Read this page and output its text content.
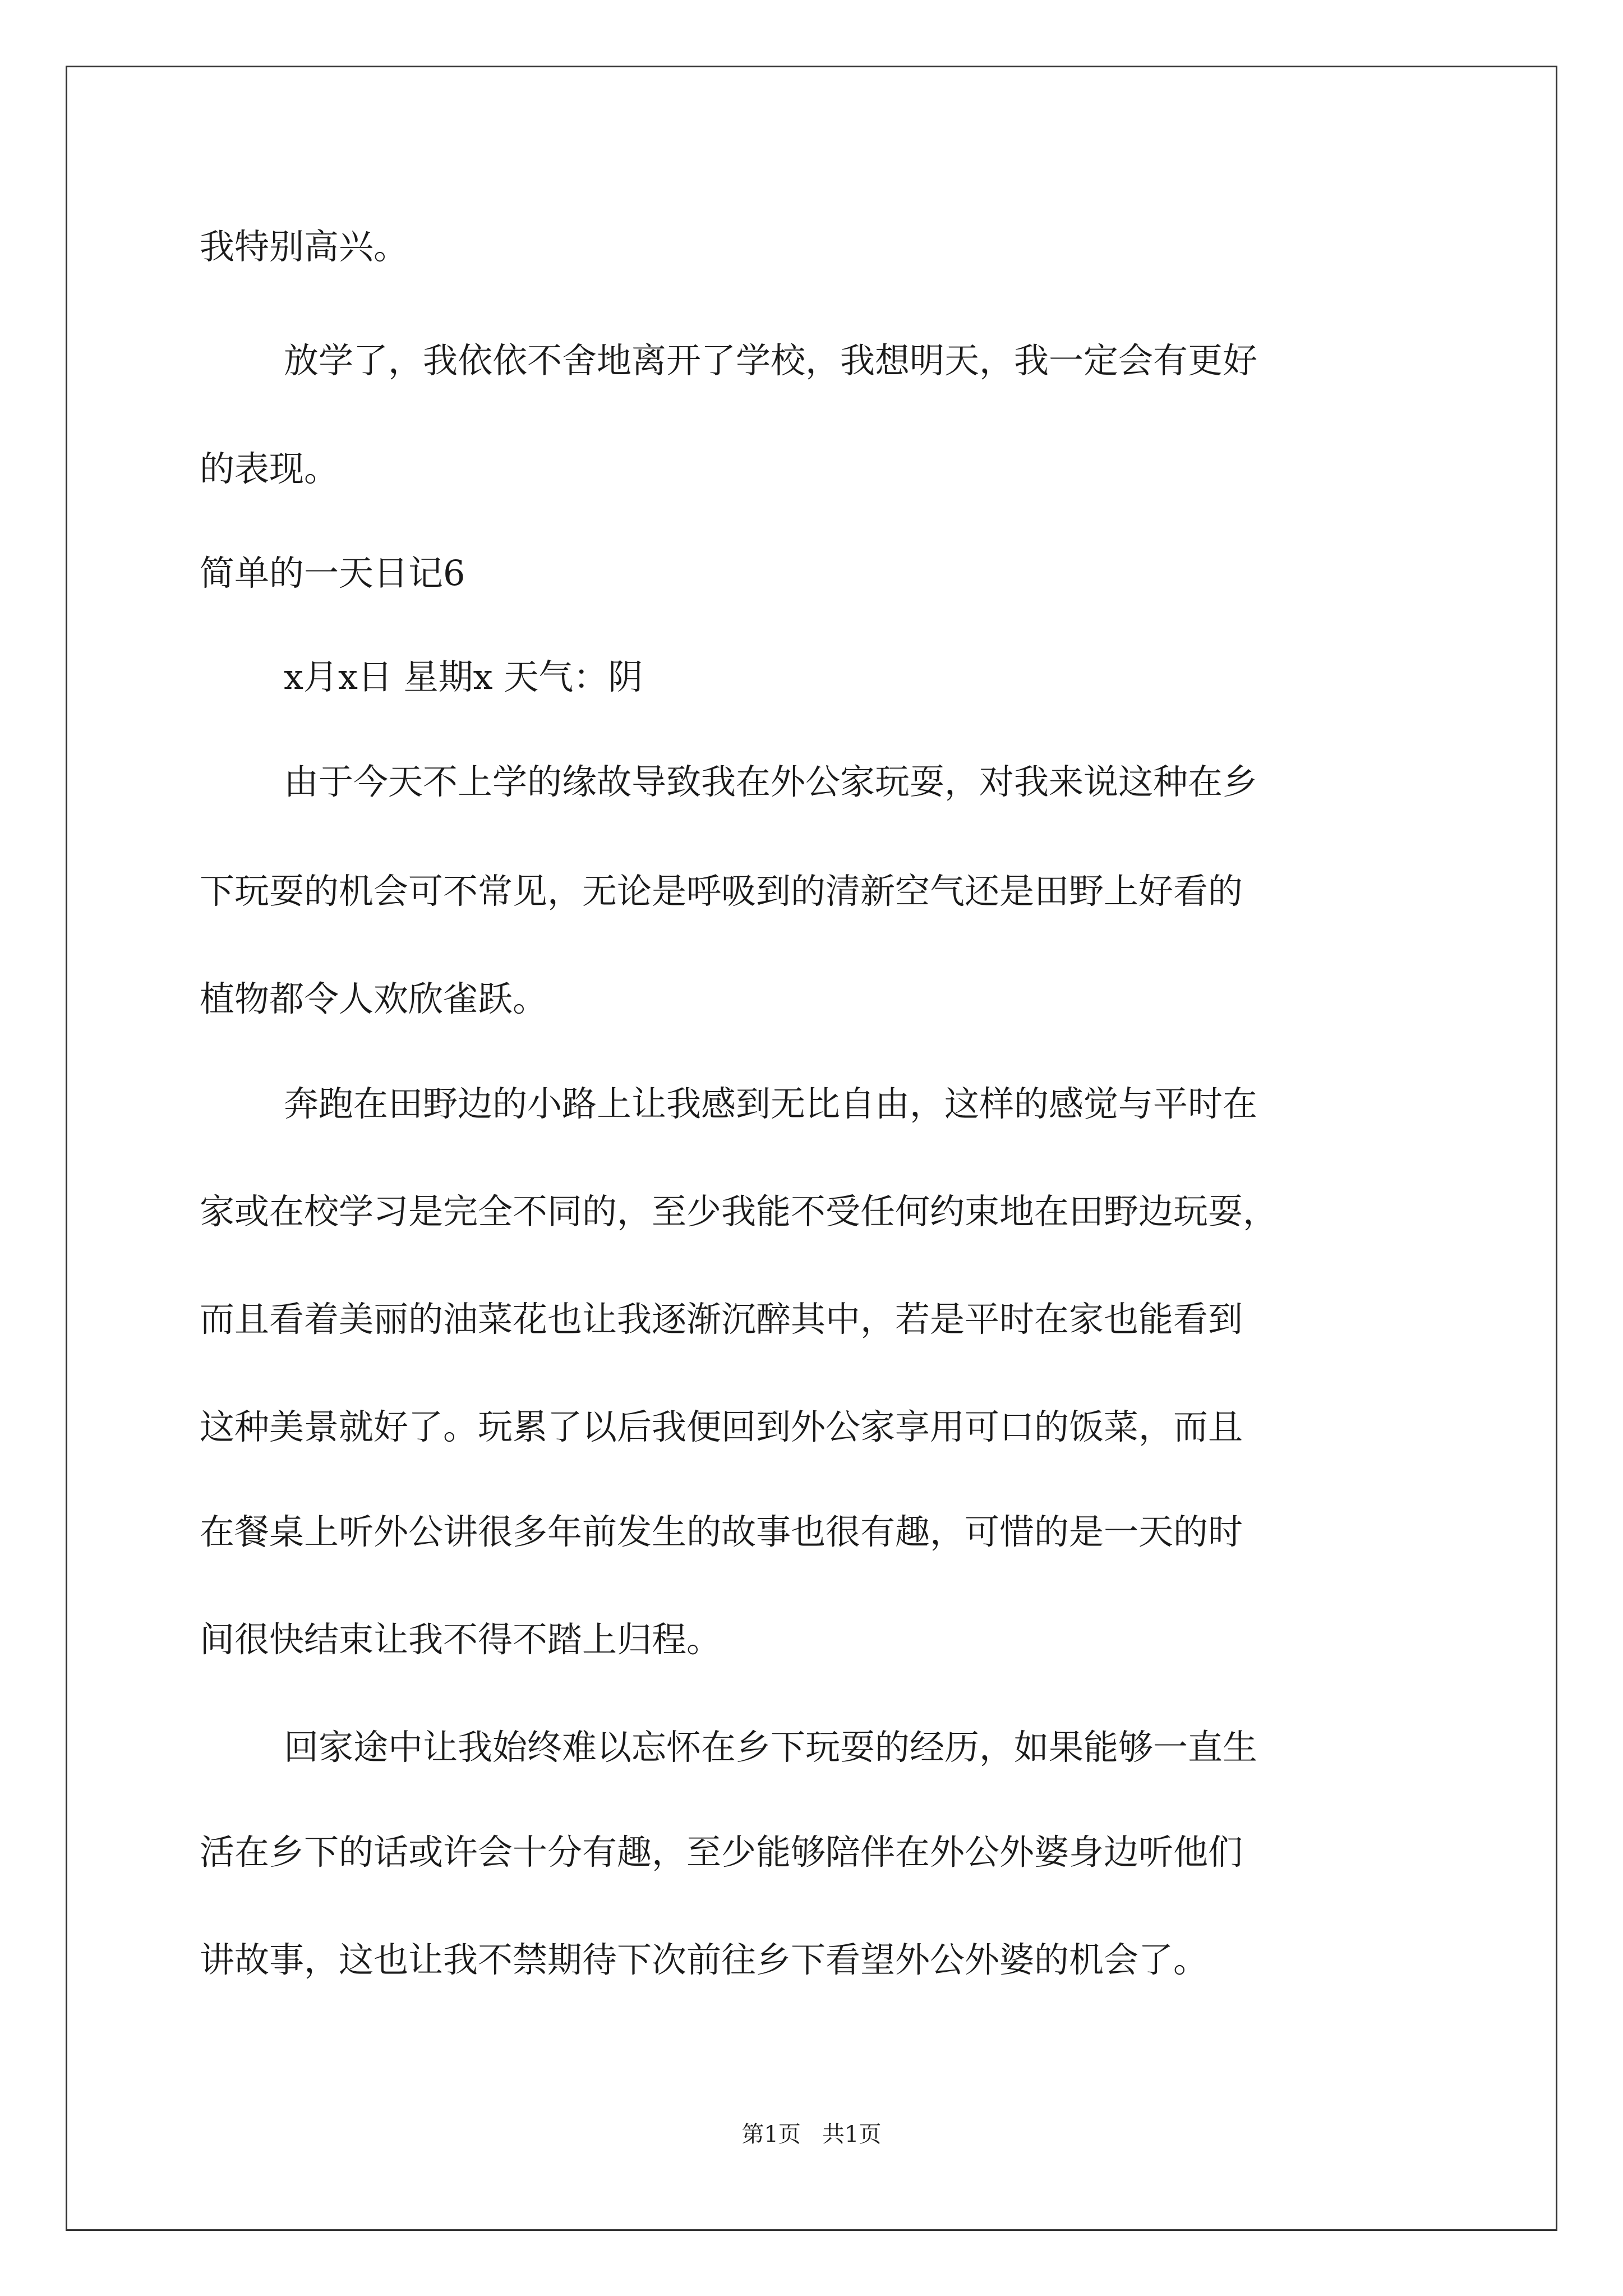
我特别高兴。
放学了，我依依不舍地离开了学校，我想明天，我一定会有更好
的表现。
简单的一天日记6
x月x日 星期x 天气：阴
由于今天不上学的缘故导致我在外公家玩耍，对我来说这种在乡
下玩耍的机会可不常见，无论是呼吸到的清新空气还是田野上好看的
植物都令人欢欣雀跃。
奔跑在田野边的小路上让我感到无比自由，这样的感觉与平时在
家或在校学习是完全不同的，至少我能不受任何约束地在田野边玩耍，
而且看着美丽的油菜花也让我逐渐沉醉其中，若是平时在家也能看到
这种美景就好了。玩累了以后我便回到外公家享用可口的饭菜，而且
在餐桌上听外公讲很多年前发生的故事也很有趣，可惜的是一天的时
间很快结束让我不得不踏上归程。
回家途中让我始终难以忘怀在乡下玩耍的经历，如果能够一直生
活在乡下的话或许会十分有趣，至少能够陪伴在外公外婆身边听他们
讲故事，这也让我不禁期待下次前往乡下看望外公外婆的机会了。
第1页   共1页
